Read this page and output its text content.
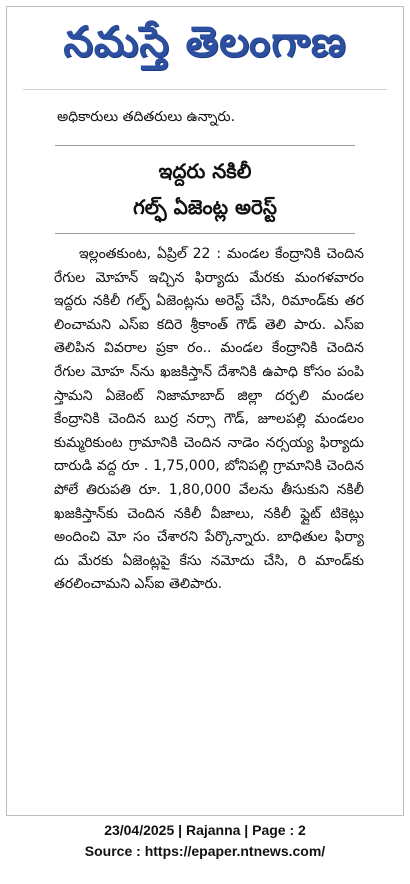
నమస్తే తెలంగాణ
అధికారులు తదితరులు ఉన్నారు.
ఇద్దరు నకిలీ
గల్ఫ్ ఏజెంట్ల అరెస్ట్

ఇల్లంతకుంట, ఏప్రిల్ 22 : మండల కేంద్రానికి చెందిన రేగుల మోహన్ ఇచ్చిన ఫిర్యాదు మేరకు మంగళవారం ఇద్దరు నకిలీ గల్ఫ్ ఏజెంట్లను అరెస్ట్ చేసి, రిమాండ్‌కు తర లించామని ఎస్ఐ కదిరె శ్రీకాంత్ గౌడ్ తెలి పారు. ఎస్ఐ తెలిపిన వివరాల ప్రకా రం.. మండల కేంద్రానికి చెందిన రేగుల మోహ న్‌ను ఖజకిస్తాన్ దేశానికి ఉపాధి కోసం పంపి స్తామని ఏజెంట్ నిజామాబాద్ జిల్లా దర్పలి మండల కేంద్రానికి చెందిన బుర్ర నర్సా గౌడ్, జూలపల్లి మండలం కుమ్మరికుంట గ్రామానికి చెందిన నాడెం నర్సయ్య ఫిర్యాదు దారుడి వద్ద రూ . 1,75,000, బోనిపల్లి గ్రామానికి చెందిన పోలే తిరుపతి రూ. 1,80,000 వేలను తీసుకుని నకిలీ ఖజకిస్తాన్‌కు చెందిన నకిలీ వీజాలు, నకిలీ ఫ్లైట్ టికెట్లు అందించి మో సం చేశారని పేర్కొన్నారు. బాధితుల ఫిర్యా దు మేరకు ఏజెంట్లపై కేసు నమోదు చేసి, రి మాండ్‌కు తరలించామని ఎస్ఐ తెలిపారు.

23/04/2025 | Rajanna | Page : 2
Source : https://epaper.ntnews.com/
